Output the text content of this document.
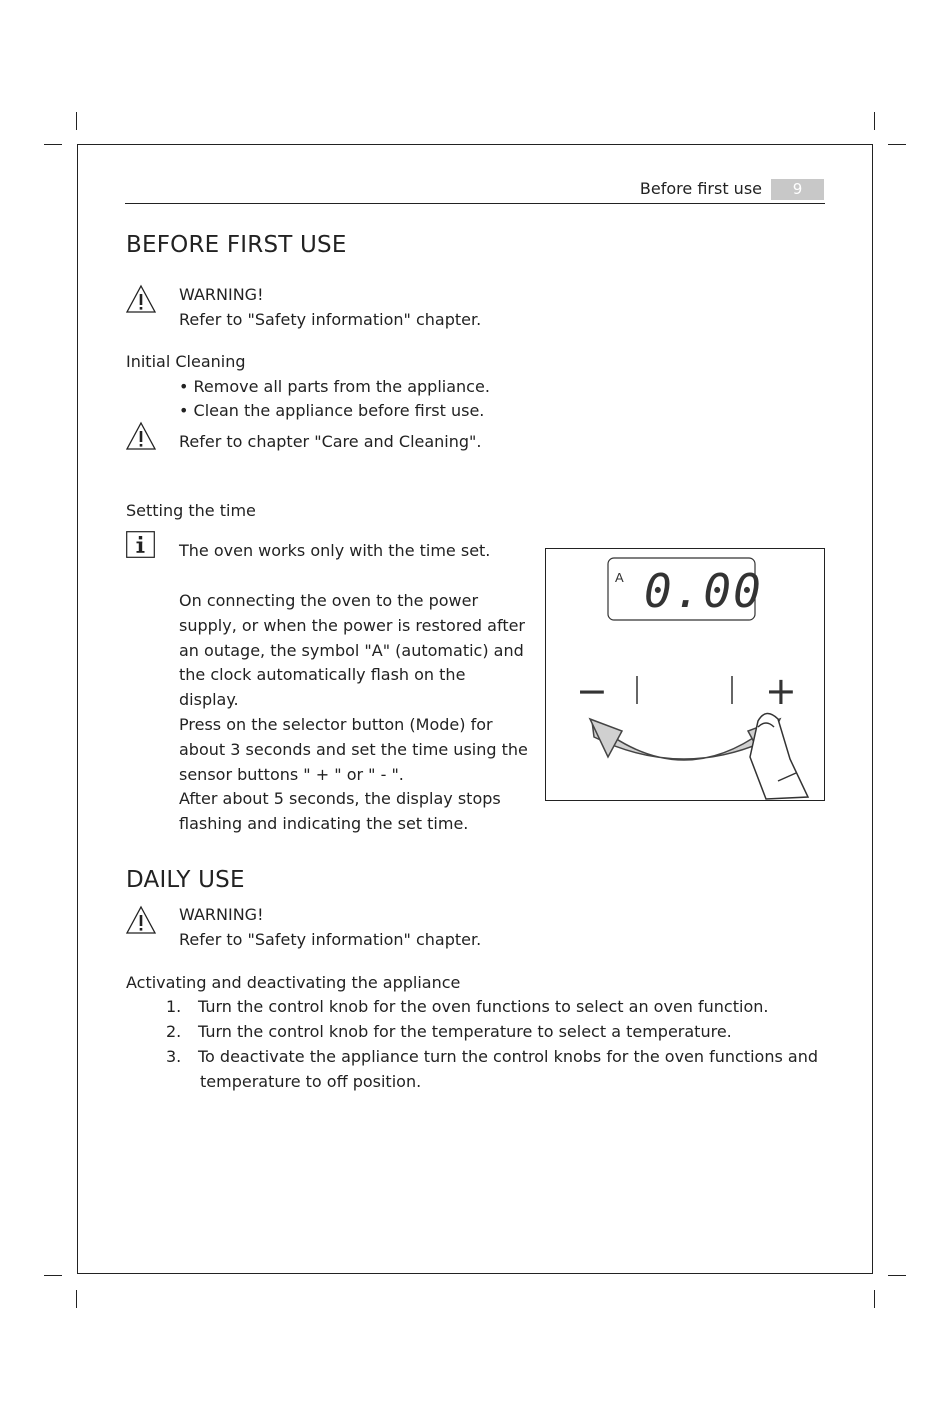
Before first use	9
BEFORE FIRST USE
WARNING!
Refer to "Safety information" chapter.
Initial Cleaning
• Remove all parts from the appliance.
• Clean the appliance before first use.
Refer to chapter "Care and Cleaning".
Setting the time
The oven works only with the time set.

On connecting the oven to the power supply, or when the power is restored after an outage, the symbol "A" (automatic) and the clock automatically flash on the display.

Press on the selector button (Mode) for about 3 seconds and set the time using the sensor buttons " + " or " - ".

After about 5 seconds, the display stops flashing and indicating the set time.

A 0.00
−	+
DAILY USE
WARNING!
Refer to "Safety information" chapter.
Activating and deactivating the appliance
1. Turn the control knob for the oven functions to select an oven function.
2. Turn the control knob for the temperature to select a temperature.
3. To deactivate the appliance turn the control knobs for the oven functions and
temperature to off position.
